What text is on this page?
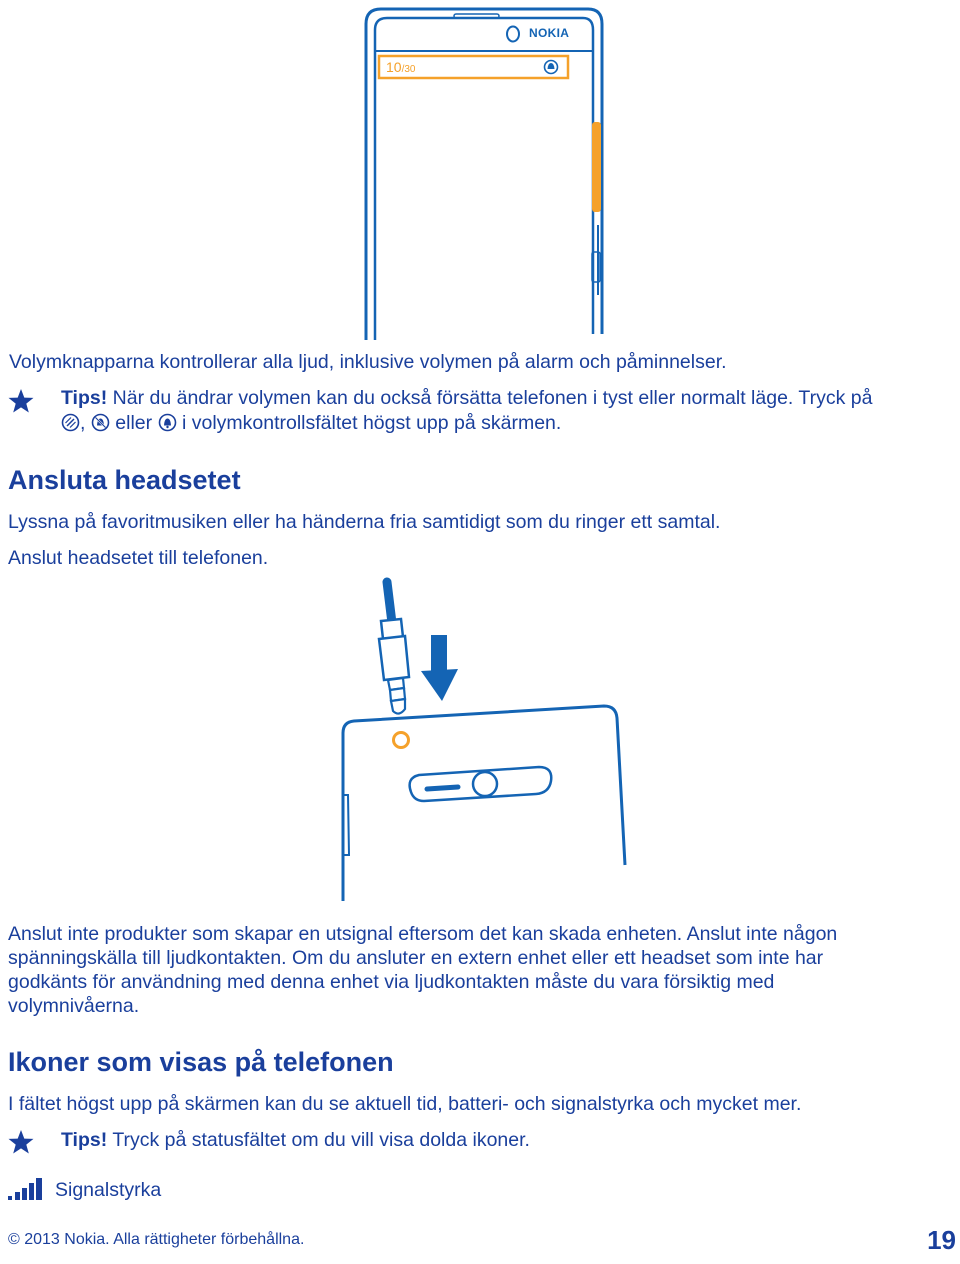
10/30
NOKIA
Volymknapparna kontrollerar alla ljud, inklusive volymen på alarm och påminnelser.
Tips! När du ändrar volymen kan du också försätta telefonen i tyst eller normalt läge. Tryck på
, eller i volymkontrollsfältet högst upp på skärmen.
Ansluta headsetet
Lyssna på favoritmusiken eller ha händerna fria samtidigt som du ringer ett samtal.
Anslut headsetet till telefonen.
Anslut inte produkter som skapar en utsignal eftersom det kan skada enheten. Anslut inte någon
spänningskälla till ljudkontakten. Om du ansluter en extern enhet eller ett headset som inte har
godkänts för användning med denna enhet via ljudkontakten måste du vara försiktig med
volymnivåerna.
Ikoner som visas på telefonen
I fältet högst upp på skärmen kan du se aktuell tid, batteri- och signalstyrka och mycket mer.
Tips! Tryck på statusfältet om du vill visa dolda ikoner.
Signalstyrka
© 2013 Nokia. Alla rättigheter förbehållna.	19
